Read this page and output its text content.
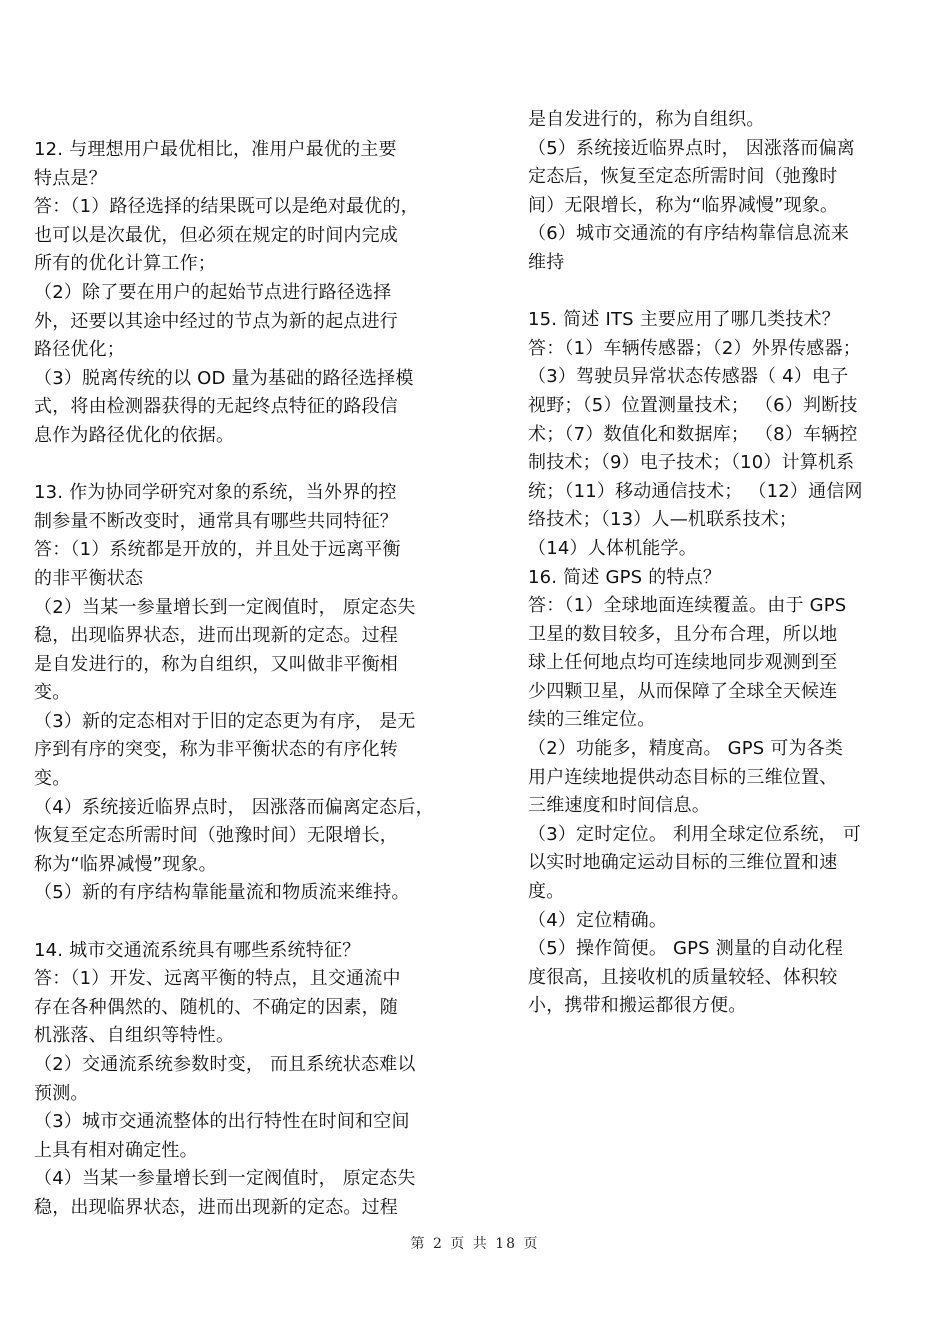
12. 与理想用户最优相比，准用户最优的主要
特点是？
答：（1）路径选择的结果既可以是绝对最优的，
也可以是次最优，但必须在规定的时间内完成
所有的优化计算工作；
（2）除了要在用户的起始节点进行路径选择
外，还要以其途中经过的节点为新的起点进行
路径优化；
（3）脱离传统的以 OD 量为基础的路径选择模
式，将由检测器获得的无起终点特征的路段信
息作为路径优化的依据。
13. 作为协同学研究对象的系统，当外界的控
制参量不断改变时，通常具有哪些共同特征？
答：（1）系统都是开放的，并且处于远离平衡
的非平衡状态
（2）当某一参量增长到一定阀值时， 原定态失
稳，出现临界状态，进而出现新的定态。过程
是自发进行的，称为自组织，又叫做非平衡相
变。
（3）新的定态相对于旧的定态更为有序， 是无
序到有序的突变，称为非平衡状态的有序化转
变。
（4）系统接近临界点时， 因涨落而偏离定态后，
恢复至定态所需时间（弛豫时间）无限增长，
称为“临界减慢”现象。
（5）新的有序结构靠能量流和物质流来维持。
14. 城市交通流系统具有哪些系统特征？
答：（1）开发、远离平衡的特点，且交通流中
存在各种偶然的、随机的、不确定的因素，随
机涨落、自组织等特性。
（2）交通流系统参数时变， 而且系统状态难以
预测。
（3）城市交通流整体的出行特性在时间和空间
上具有相对确定性。
（4）当某一参量增长到一定阀值时， 原定态失
稳，出现临界状态，进而出现新的定态。过程
是自发进行的，称为自组织。
（5）系统接近临界点时， 因涨落而偏离
定态后，恢复至定态所需时间（弛豫时
间）无限增长，称为“临界减慢”现象。
（6）城市交通流的有序结构靠信息流来
维持
15. 简述 ITS 主要应用了哪几类技术？
答：（1）车辆传感器；（2）外界传感器；
（3）驾驶员异常状态传感器（ 4）电子
视野；（5）位置测量技术； （6）判断技
术；（7）数值化和数据库； （8）车辆控
制技术；（9）电子技术；（10）计算机系
统；（11）移动通信技术； （12）通信网
络技术；（13）人—机联系技术；
（14）人体机能学。
16. 简述 GPS 的特点？
答：（1）全球地面连续覆盖。由于 GPS
卫星的数目较多，且分布合理，所以地
球上任何地点均可连续地同步观测到至
少四颗卫星，从而保障了全球全天候连
续的三维定位。
（2）功能多，精度高。 GPS 可为各类
用户连续地提供动态目标的三维位置、
三维速度和时间信息。
（3）定时定位。 利用全球定位系统， 可
以实时地确定运动目标的三维位置和速
度。
（4）定位精确。
（5）操作简便。 GPS 测量的自动化程
度很高，且接收机的质量较轻、体积较
小，携带和搬运都很方便。
第 2 页 共 18 页
